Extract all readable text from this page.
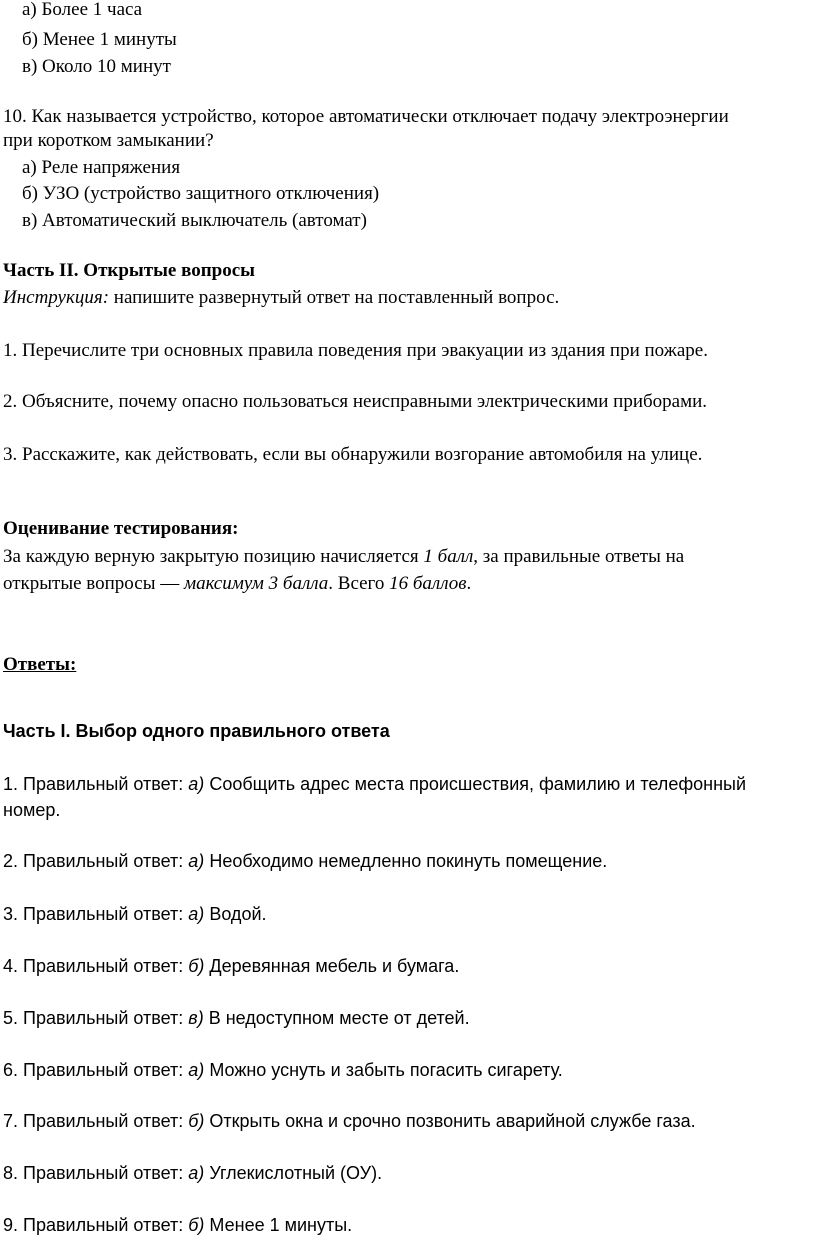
а) Более 1 часа
б) Менее 1 минуты
в) Около 10 минут
10. Как называется устройство, которое автоматически отключает подачу электроэнергии
при коротком замыкании?
а) Реле напряжения
б) УЗО (устройство защитного отключения)
в) Автоматический выключатель (автомат)
Часть II. Открытые вопросы
Инструкция: напишите развернутый ответ на поставленный вопрос.
1. Перечислите три основных правила поведения при эвакуации из здания при пожаре.
2. Объясните, почему опасно пользоваться неисправными электрическими приборами.
3. Расскажите, как действовать, если вы обнаружили возгорание автомобиля на улице.
Оценивание тестирования:
За каждую верную закрытую позицию начисляется 1 балл, за правильные ответы на
открытые вопросы — максимум 3 балла. Всего 16 баллов.
Ответы:
Часть I. Выбор одного правильного ответа
1. Правильный ответ: а) Сообщить адрес места происшествия, фамилию и телефонный
номер.
2. Правильный ответ: а) Необходимо немедленно покинуть помещение.
3. Правильный ответ: а) Водой.
4. Правильный ответ: б) Деревянная мебель и бумага.
5. Правильный ответ: в) В недоступном месте от детей.
6. Правильный ответ: а) Можно уснуть и забыть погасить сигарету.
7. Правильный ответ: б) Открыть окна и срочно позвонить аварийной службе газа.
8. Правильный ответ: а) Углекислотный (ОУ).
9. Правильный ответ: б) Менее 1 минуты.
